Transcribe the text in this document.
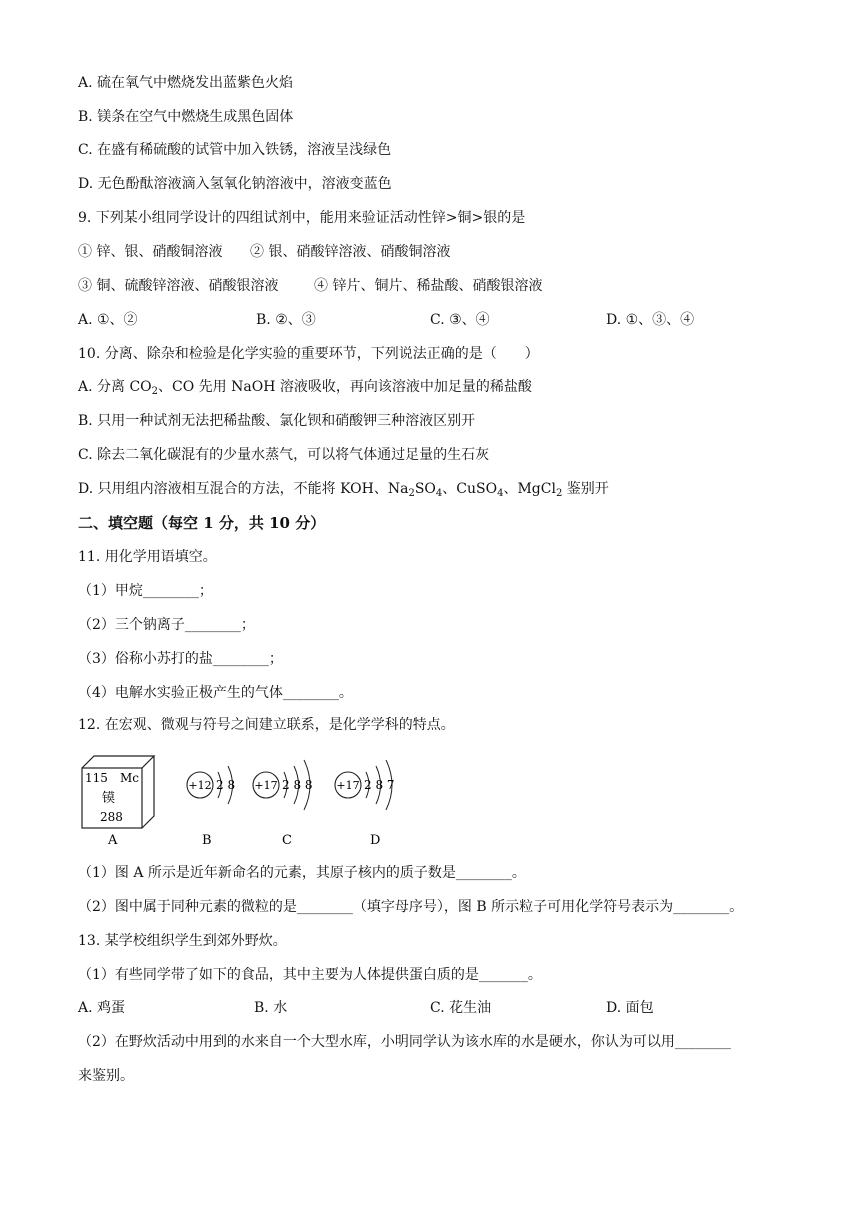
A. 硫在氧气中燃烧发出蓝紫色火焰
B. 镁条在空气中燃烧生成黑色固体
C. 在盛有稀硫酸的试管中加入铁锈，溶液呈浅绿色
D. 无色酚酞溶液滴入氢氧化钠溶液中，溶液变蓝色
9. 下列某小组同学设计的四组试剂中，能用来验证活动性锌>铜>银的是
① 锌、银、硝酸铜溶液 ② 银、硝酸锌溶液、硝酸铜溶液
③ 铜、硫酸锌溶液、硝酸银溶液	④ 锌片、铜片、稀盐酸、硝酸银溶液
A. ①、②	B. ②、③	C. ③、④	D. ①、③、④
10. 分离、除杂和检验是化学实验的重要环节，下列说法正确的是（　　）
A. 分离 $CO_2$、CO 先用 NaOH 溶液吸收，再向该溶液中加足量的稀盐酸
B. 只用一种试剂无法把稀盐酸、氯化钡和硝酸钾三种溶液区别开
C. 除去二氧化碳混有的少量水蒸气，可以将气体通过足量的生石灰
D. 只用组内溶液相互混合的方法，不能将 KOH、$Na_2SO_4$、CuSO$_4$、MgCl$_2$ 鉴别开
二、填空题（每空 1 分，共 10 分）
11. 用化学用语填空。
（1）甲烷________；
（2）三个钠离子________；
（3）俗称小苏打的盐________；
（4）电解水实验正极产生的气体________。
12. 在宏观、微观与符号之间建立联系，是化学学科的特点。
115 Mc
镆
288
+12 2 8 +17 2 8 8 +17 2 8 7
A	B	C	D
（1）图 A 所示是近年新命名的元素，其原子核内的质子数是________。
（2）图中属于同种元素的微粒的是________（填字母序号），图 B 所示粒子可用化学符号表示为________。
13. 某学校组织学生到郊外野炊。
（1）有些同学带了如下的食品，其中主要为人体提供蛋白质的是_______。
A. 鸡蛋	B. 水	C. 花生油	D. 面包
（2）在野炊活动中用到的水来自一个大型水库，小明同学认为该水库的水是硬水，你认为可以用________
来鉴别。
